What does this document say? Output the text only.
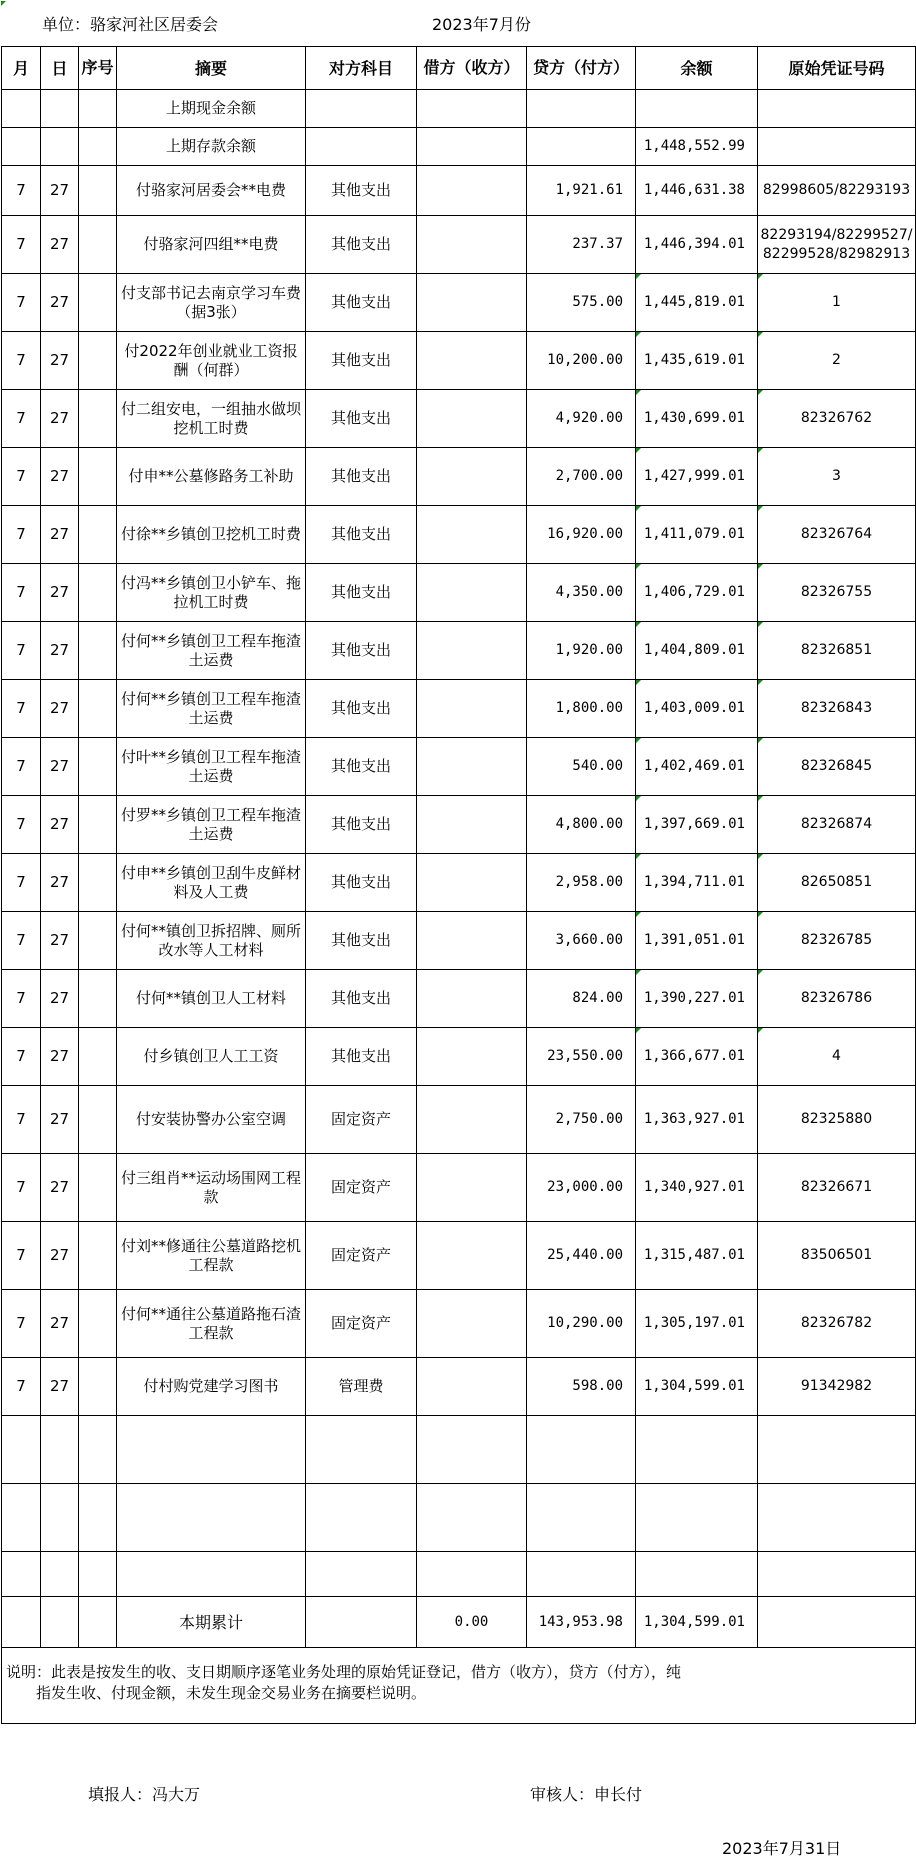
单位：骆家河社区居委会	2023年7月份
月	日	序号	摘要	对方科目	借方（收方）	贷方（付方）	余额	原始凭证号码
			上期现金余额					
			上期存款余额				1,448,552.99	
7	27		付骆家河居委会**电费	其他支出		1,921.61	1,446,631.38	82998605/82293193
7	27		付骆家河四组**电费	其他支出		237.37	1,446,394.01	82293194/82299527/82299528/82982913
7	27		付支部书记去南京学习车费（据3张）	其他支出		575.00	1,445,819.01	1
7	27		付2022年创业就业工资报酬（何群）	其他支出		10,200.00	1,435,619.01	2
7	27		付二组安电，一组抽水做坝挖机工时费	其他支出		4,920.00	1,430,699.01	82326762
7	27		付申**公墓修路务工补助	其他支出		2,700.00	1,427,999.01	3
7	27		付徐**乡镇创卫挖机工时费	其他支出		16,920.00	1,411,079.01	82326764
7	27		付冯**乡镇创卫小铲车、拖拉机工时费	其他支出		4,350.00	1,406,729.01	82326755
7	27		付何**乡镇创卫工程车拖渣土运费	其他支出		1,920.00	1,404,809.01	82326851
7	27		付何**乡镇创卫工程车拖渣土运费	其他支出		1,800.00	1,403,009.01	82326843
7	27		付叶**乡镇创卫工程车拖渣土运费	其他支出		540.00	1,402,469.01	82326845
7	27		付罗**乡镇创卫工程车拖渣土运费	其他支出		4,800.00	1,397,669.01	82326874
7	27		付申**乡镇创卫刮牛皮鲜材料及人工费	其他支出		2,958.00	1,394,711.01	82650851
7	27		付何**镇创卫拆招牌、厕所改水等人工材料	其他支出		3,660.00	1,391,051.01	82326785
7	27		付何**镇创卫人工材料	其他支出		824.00	1,390,227.01	82326786
7	27		付乡镇创卫人工工资	其他支出		23,550.00	1,366,677.01	4
7	27		付安装协警办公室空调	固定资产		2,750.00	1,363,927.01	82325880
7	27		付三组肖**运动场围网工程款	固定资产		23,000.00	1,340,927.01	82326671
7	27		付刘**修通往公墓道路挖机工程款	固定资产		25,440.00	1,315,487.01	83506501
7	27		付何**通往公墓道路拖石渣工程款	固定资产		10,290.00	1,305,197.01	82326782
7	27		付村购党建学习图书	管理费		598.00	1,304,599.01	91342982

			本期累计		0.00	143,953.98	1,304,599.01	
说明：此表是按发生的收、支日期顺序逐笔业务处理的原始凭证登记，借方（收方），贷方（付方），纯
指发生收、付现金额，未发生现金交易业务在摘要栏说明。								
填报人：冯大万	审核人：申长付
2023年7月31日
